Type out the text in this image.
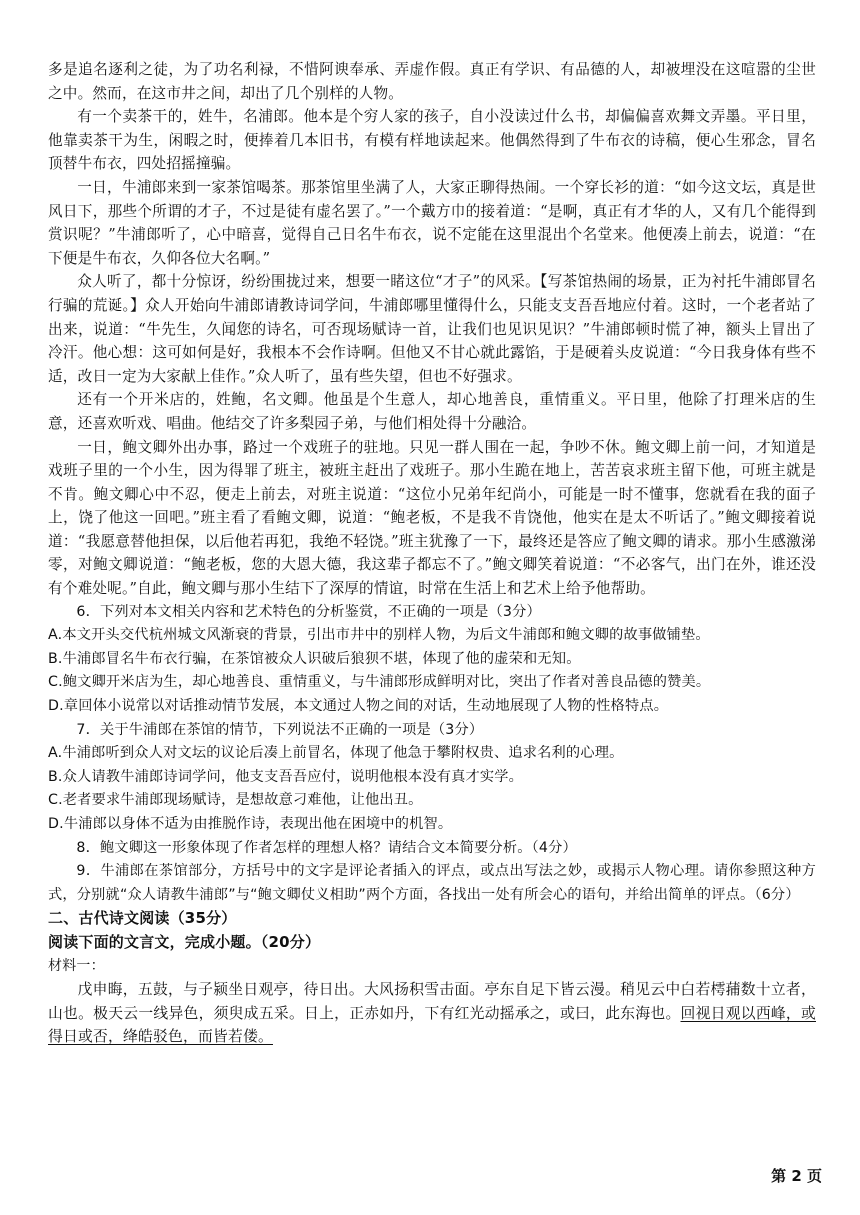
多是追名逐利之徒，为了功名利禄，不惜阿谀奉承、弄虚作假。真正有学识、有品德的人，却被埋没在这喧嚣的尘世之中。然而，在这市井之间，却出了几个别样的人物。

有一个卖茶干的，姓牛，名浦郎。他本是个穷人家的孩子，自小没读过什么书，却偏偏喜欢舞文弄墨。平日里，他靠卖茶干为生，闲暇之时，便捧着几本旧书，有模有样地读起来。他偶然得到了牛布衣的诗稿，便心生邪念，冒名顶替牛布衣，四处招摇撞骗。

一日，牛浦郎来到一家茶馆喝茶。那茶馆里坐满了人，大家正聊得热闹。一个穿长衫的道：“如今这文坛，真是世风日下，那些个所谓的才子，不过是徒有虚名罢了。”一个戴方巾的接着道：“是啊，真正有才华的人，又有几个能得到赏识呢？”牛浦郎听了，心中暗喜，觉得自己日名牛布衣，说不定能在这里混出个名堂来。他便凑上前去，说道：“在下便是牛布衣，久仰各位大名啊。”

众人听了，都十分惊讶，纷纷围拢过来，想要一睹这位“才子”的风采。【写茶馆热闹的场景，正为衬托牛浦郎冒名行骗的荒诞。】众人开始向牛浦郎请教诗词学问，牛浦郎哪里懂得什么，只能支支吾吾地应付着。这时，一个老者站了出来，说道：“牛先生，久闻您的诗名，可否现场赋诗一首，让我们也见识见识？”牛浦郎顿时慌了神，额头上冒出了冷汗。他心想：这可如何是好，我根本不会作诗啊。但他又不甘心就此露馅，于是硬着头皮说道：“今日我身体有些不适，改日一定为大家献上佳作。”众人听了，虽有些失望，但也不好强求。

还有一个开米店的，姓鲍，名文卿。他虽是个生意人，却心地善良，重情重义。平日里，他除了打理米店的生意，还喜欢听戏、唱曲。他结交了许多梨园子弟，与他们相处得十分融洽。

一日，鲍文卿外出办事，路过一个戏班子的驻地。只见一群人围在一起，争吵不休。鲍文卿上前一问，才知道是戏班子里的一个小生，因为得罪了班主，被班主赶出了戏班子。那小生跪在地上，苦苦哀求班主留下他，可班主就是不肯。鲍文卿心中不忍，便走上前去，对班主说道：“这位小兄弟年纪尚小，可能是一时不懂事，您就看在我的面子上，饶了他这一回吧。”班主看了看鲍文卿，说道：“鲍老板，不是我不肯饶他，他实在是太不听话了。”鲍文卿接着说道：“我愿意替他担保，以后他若再犯，我绝不轻饶。”班主犹豫了一下，最终还是答应了鲍文卿的请求。那小生感激涕零，对鲍文卿说道：“鲍老板，您的大恩大德，我这辈子都忘不了。”鲍文卿笑着说道：“不必客气，出门在外，谁还没有个难处呢。”自此，鲍文卿与那小生结下了深厚的情谊，时常在生活上和艺术上给予他帮助。

6．下列对本文相关内容和艺术特色的分析鉴赏，不正确的一项是（3分）

A.本文开头交代杭州城文风渐衰的背景，引出市井中的别样人物，为后文牛浦郎和鲍文卿的故事做铺垫。

B.牛浦郎冒名牛布衣行骗，在茶馆被众人识破后狼狈不堪，体现了他的虚荣和无知。

C.鲍文卿开米店为生，却心地善良、重情重义，与牛浦郎形成鲜明对比，突出了作者对善良品德的赞美。

D.章回体小说常以对话推动情节发展，本文通过人物之间的对话，生动地展现了人物的性格特点。

7．关于牛浦郎在茶馆的情节，下列说法不正确的一项是（3分）

A.牛浦郎听到众人对文坛的议论后凑上前冒名，体现了他急于攀附权贵、追求名利的心理。

B.众人请教牛浦郎诗词学问，他支支吾吾应付，说明他根本没有真才实学。

C.老者要求牛浦郎现场赋诗，是想故意刁难他，让他出丑。

D.牛浦郎以身体不适为由推脱作诗，表现出他在困境中的机智。

8．鲍文卿这一形象体现了作者怎样的理想人格？请结合文本简要分析。（4分）

9．牛浦郎在茶馆部分，方括号中的文字是评论者插入的评点，或点出写法之妙，或揭示人物心理。请你参照这种方式，分别就“众人请教牛浦郎”与“鲍文卿仗义相助”两个方面，各找出一处有所会心的语句，并给出简单的评点。（6分）

二、古代诗文阅读（35分）

阅读下面的文言文，完成小题。（20分）

材料一：

戊申晦，五鼓，与子颍坐日观亭，待日出。大风扬积雪击面。亭东自足下皆云漫。稍见云中白若樗蒱数十立者，山也。极天云一线异色，须臾成五采。日上，正赤如丹，下有红光动摇承之，或曰，此东海也。回视日观以西峰，或得日或否，绛皓驳色，而皆若偻。

第 2 页
